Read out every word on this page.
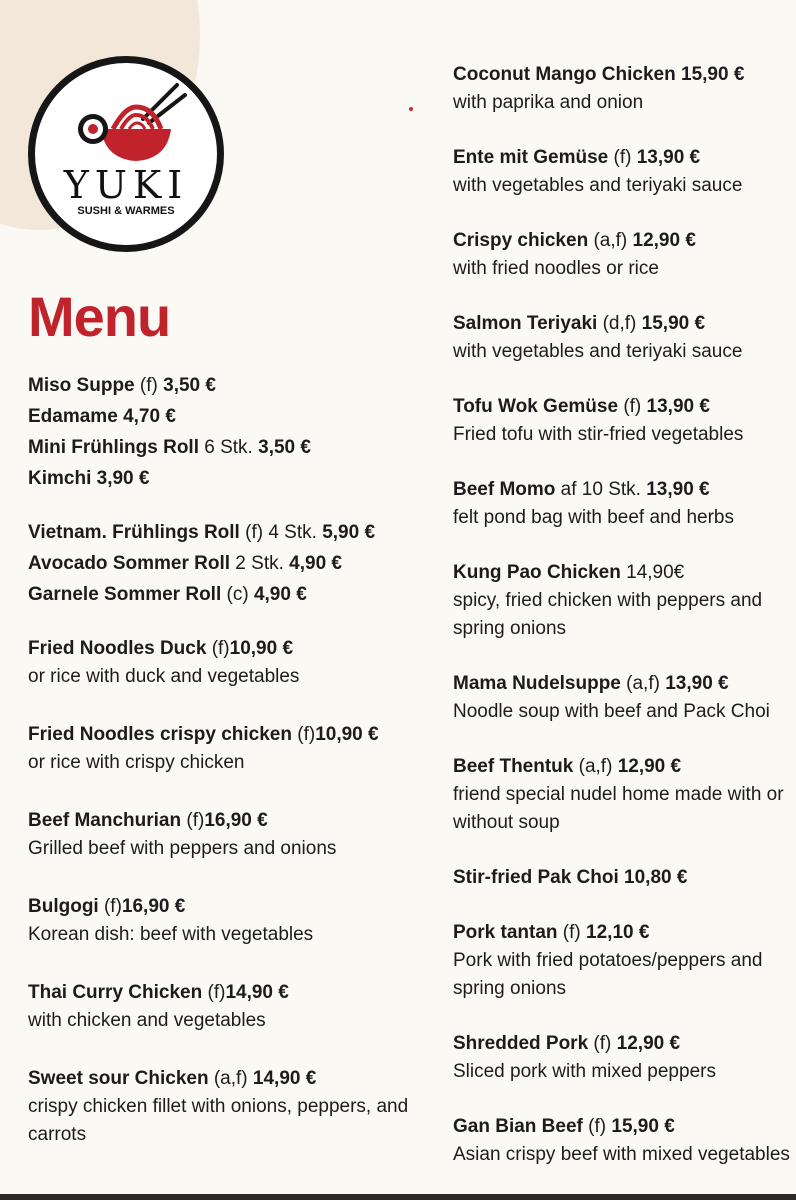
YUKI
SUSHI & WARMES
Menu
Miso Suppe (f) 3,50 €
Edamame 4,70 €
Mini Frühlings Roll 6 Stk. 3,50 €
Kimchi 3,90 €
Vietnam. Frühlings Roll (f) 4 Stk. 5,90 €
Avocado Sommer Roll 2 Stk. 4,90 €
Garnele Sommer Roll (c) 4,90 €
Fried Noodles Duck (f)10,90 €
or rice with duck and vegetables
Fried Noodles crispy chicken (f)10,90 €
or rice with crispy chicken
Beef Manchurian (f)16,90 €
Grilled beef with peppers and onions
Bulgogi (f)16,90 €
Korean dish: beef with vegetables
Thai Curry Chicken (f)14,90 €
with chicken and vegetables
Sweet sour Chicken (a,f) 14,90 €
crispy chicken fillet with onions, peppers, and carrots
Coconut Mango Chicken 15,90 €
with paprika and onion
Ente mit Gemüse (f) 13,90 €
with vegetables and teriyaki sauce
Crispy chicken (a,f) 12,90 €
with fried noodles or rice
Salmon Teriyaki (d,f) 15,90 €
with vegetables and teriyaki sauce
Tofu Wok Gemüse (f) 13,90 €
Fried tofu with stir-fried vegetables
Beef Momo af 10 Stk. 13,90 €
felt pond bag with beef and herbs
Kung Pao Chicken 14,90€
spicy, fried chicken with peppers and spring onions
Mama Nudelsuppe (a,f) 13,90 €
Noodle soup with beef and Pack Choi
Beef Thentuk (a,f) 12,90 €
friend special nudel home made with or without soup
Stir-fried Pak Choi 10,80 €
Pork tantan (f) 12,10 €
Pork with fried potatoes/peppers and spring onions
Shredded Pork (f) 12,90 €
Sliced pork with mixed peppers
Gan Bian Beef (f) 15,90 €
Asian crispy beef with mixed vegetables
